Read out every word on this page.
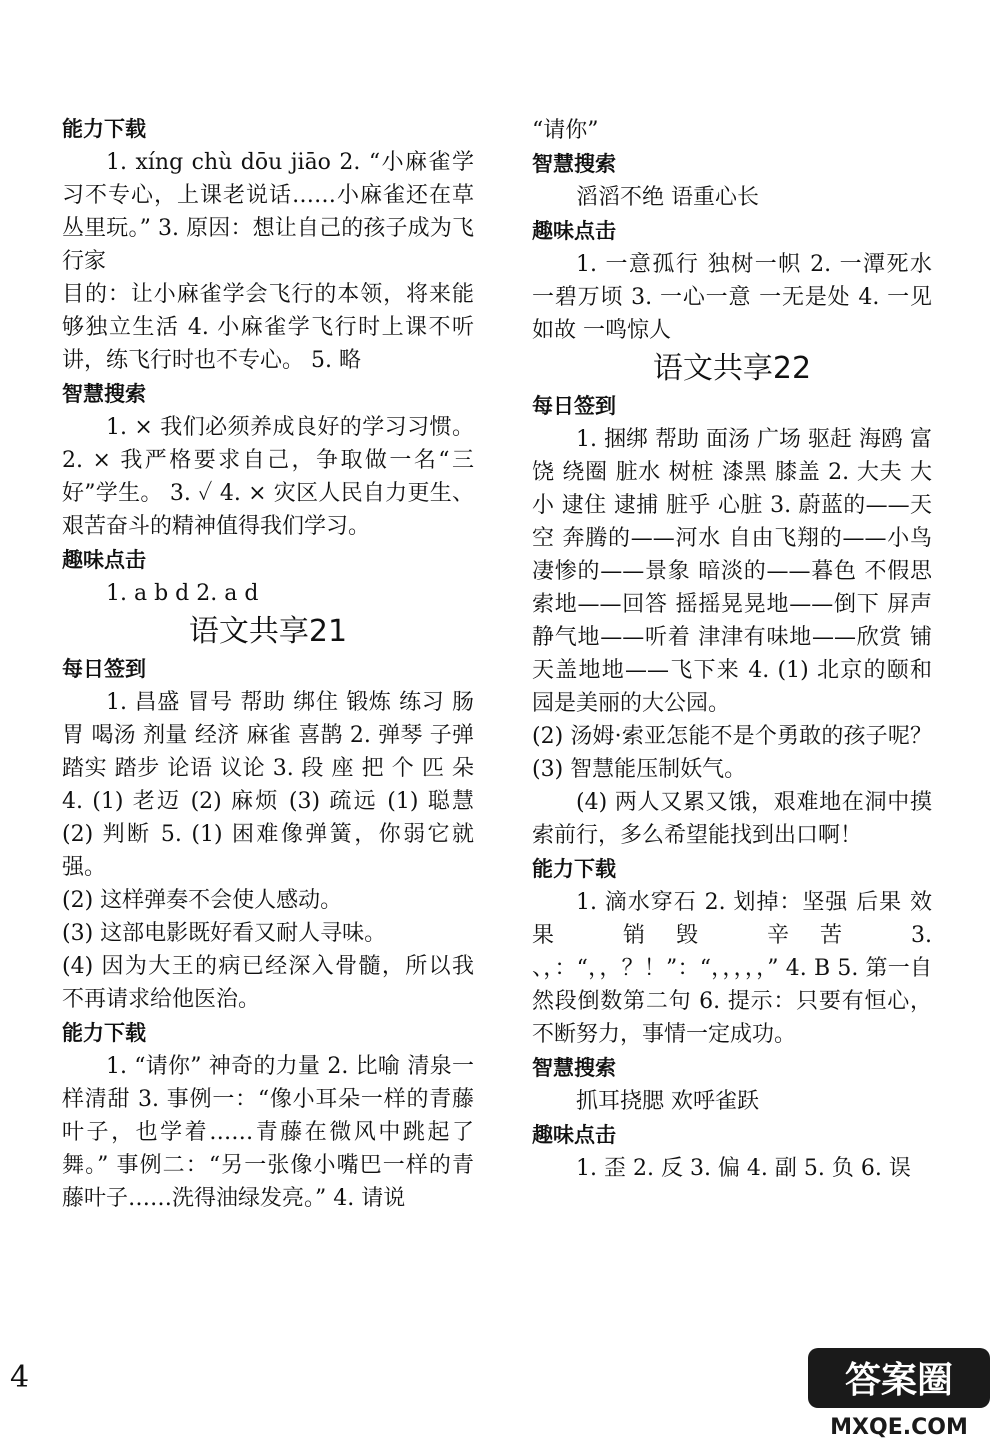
能力下载

1. xíng chù dōu jiāo 2. “小麻雀学习不专心，上课老说话……小麻雀还在草丛里玩。” 3. 原因：想让自己的孩子成为飞行家

目的：让小麻雀学会飞行的本领，将来能够独立生活 4. 小麻雀学飞行时上课不听讲，练飞行时也不专心。 5. 略

智慧搜索

1. × 我们必须养成良好的学习习惯。 2. × 我严格要求自己，争取做一名“三好”学生。 3. ✓ 4. × 灾区人民自力更生、艰苦奋斗的精神值得我们学习。

趣味点击

1. a b d 2. a d

语文共享21
每日签到

1. 昌盛 冒号 帮助 绑住 锻炼 练习 肠胃 喝汤 剂量 经济 麻雀 喜鹊 2. 弹琴 子弹 踏实 踏步 论语 议论 3. 段 座 把 个 匹 朵 4. (1) 老迈 (2) 麻烦 (3) 疏远 (1) 聪慧 (2) 判断 5. (1) 困难像弹簧，你弱它就强。

(2) 这样弹奏不会使人感动。

(3) 这部电影既好看又耐人寻味。

(4) 因为大王的病已经深入骨髓，所以我不再请求给他医治。

能力下载

1. “请你” 神奇的力量 2. 比喻 清泉一样清甜 3. 事例一：“像小耳朵一样的青藤叶子，也学着……青藤在微风中跳起了舞。” 事例二：“另一张像小嘴巴一样的青藤叶子……洗得油绿发亮。” 4. 请说

“请你”

智慧搜索

滔滔不绝 语重心长

趣味点击

1. 一意孤行 独树一帜 2. 一潭死水 一碧万顷 3. 一心一意 一无是处 4. 一见如故 一鸣惊人

语文共享22
每日签到

1. 捆绑 帮助 面汤 广场 驱赶 海鸥 富饶 绕圈 脏水 树桩 漆黑 膝盖 2. 大夫 大小 逮住 逮捕 脏乎 心脏 3. 蔚蓝的——天空 奔腾的——河水 自由飞翔的——小鸟 凄惨的——景象 暗淡的——暮色 不假思索地——回答 摇摇晃晃地——倒下 屏声静气地——听着 津津有味地——欣赏 铺天盖地地——飞下来 4. (1) 北京的颐和园是美丽的大公园。

(2) 汤姆·索亚怎能不是个勇敢的孩子呢？ (3) 智慧能压制妖气。

(4) 两人又累又饿，艰难地在洞中摸索前行，多么希望能找到出口啊！

能力下载

1. 滴水穿石 2. 划掉：坚强 后果 效果 销毁 辛苦 3. 、，：“，，？！”：“，，，，，” 4. B 5. 第一自然段倒数第二句 6. 提示：只要有恒心，不断努力，事情一定成功。

智慧搜索

抓耳挠腮 欢呼雀跃

趣味点击

1. 歪 2. 反 3. 偏 4. 副 5. 负 6. 误

4	答案圈
MXQE.COM
